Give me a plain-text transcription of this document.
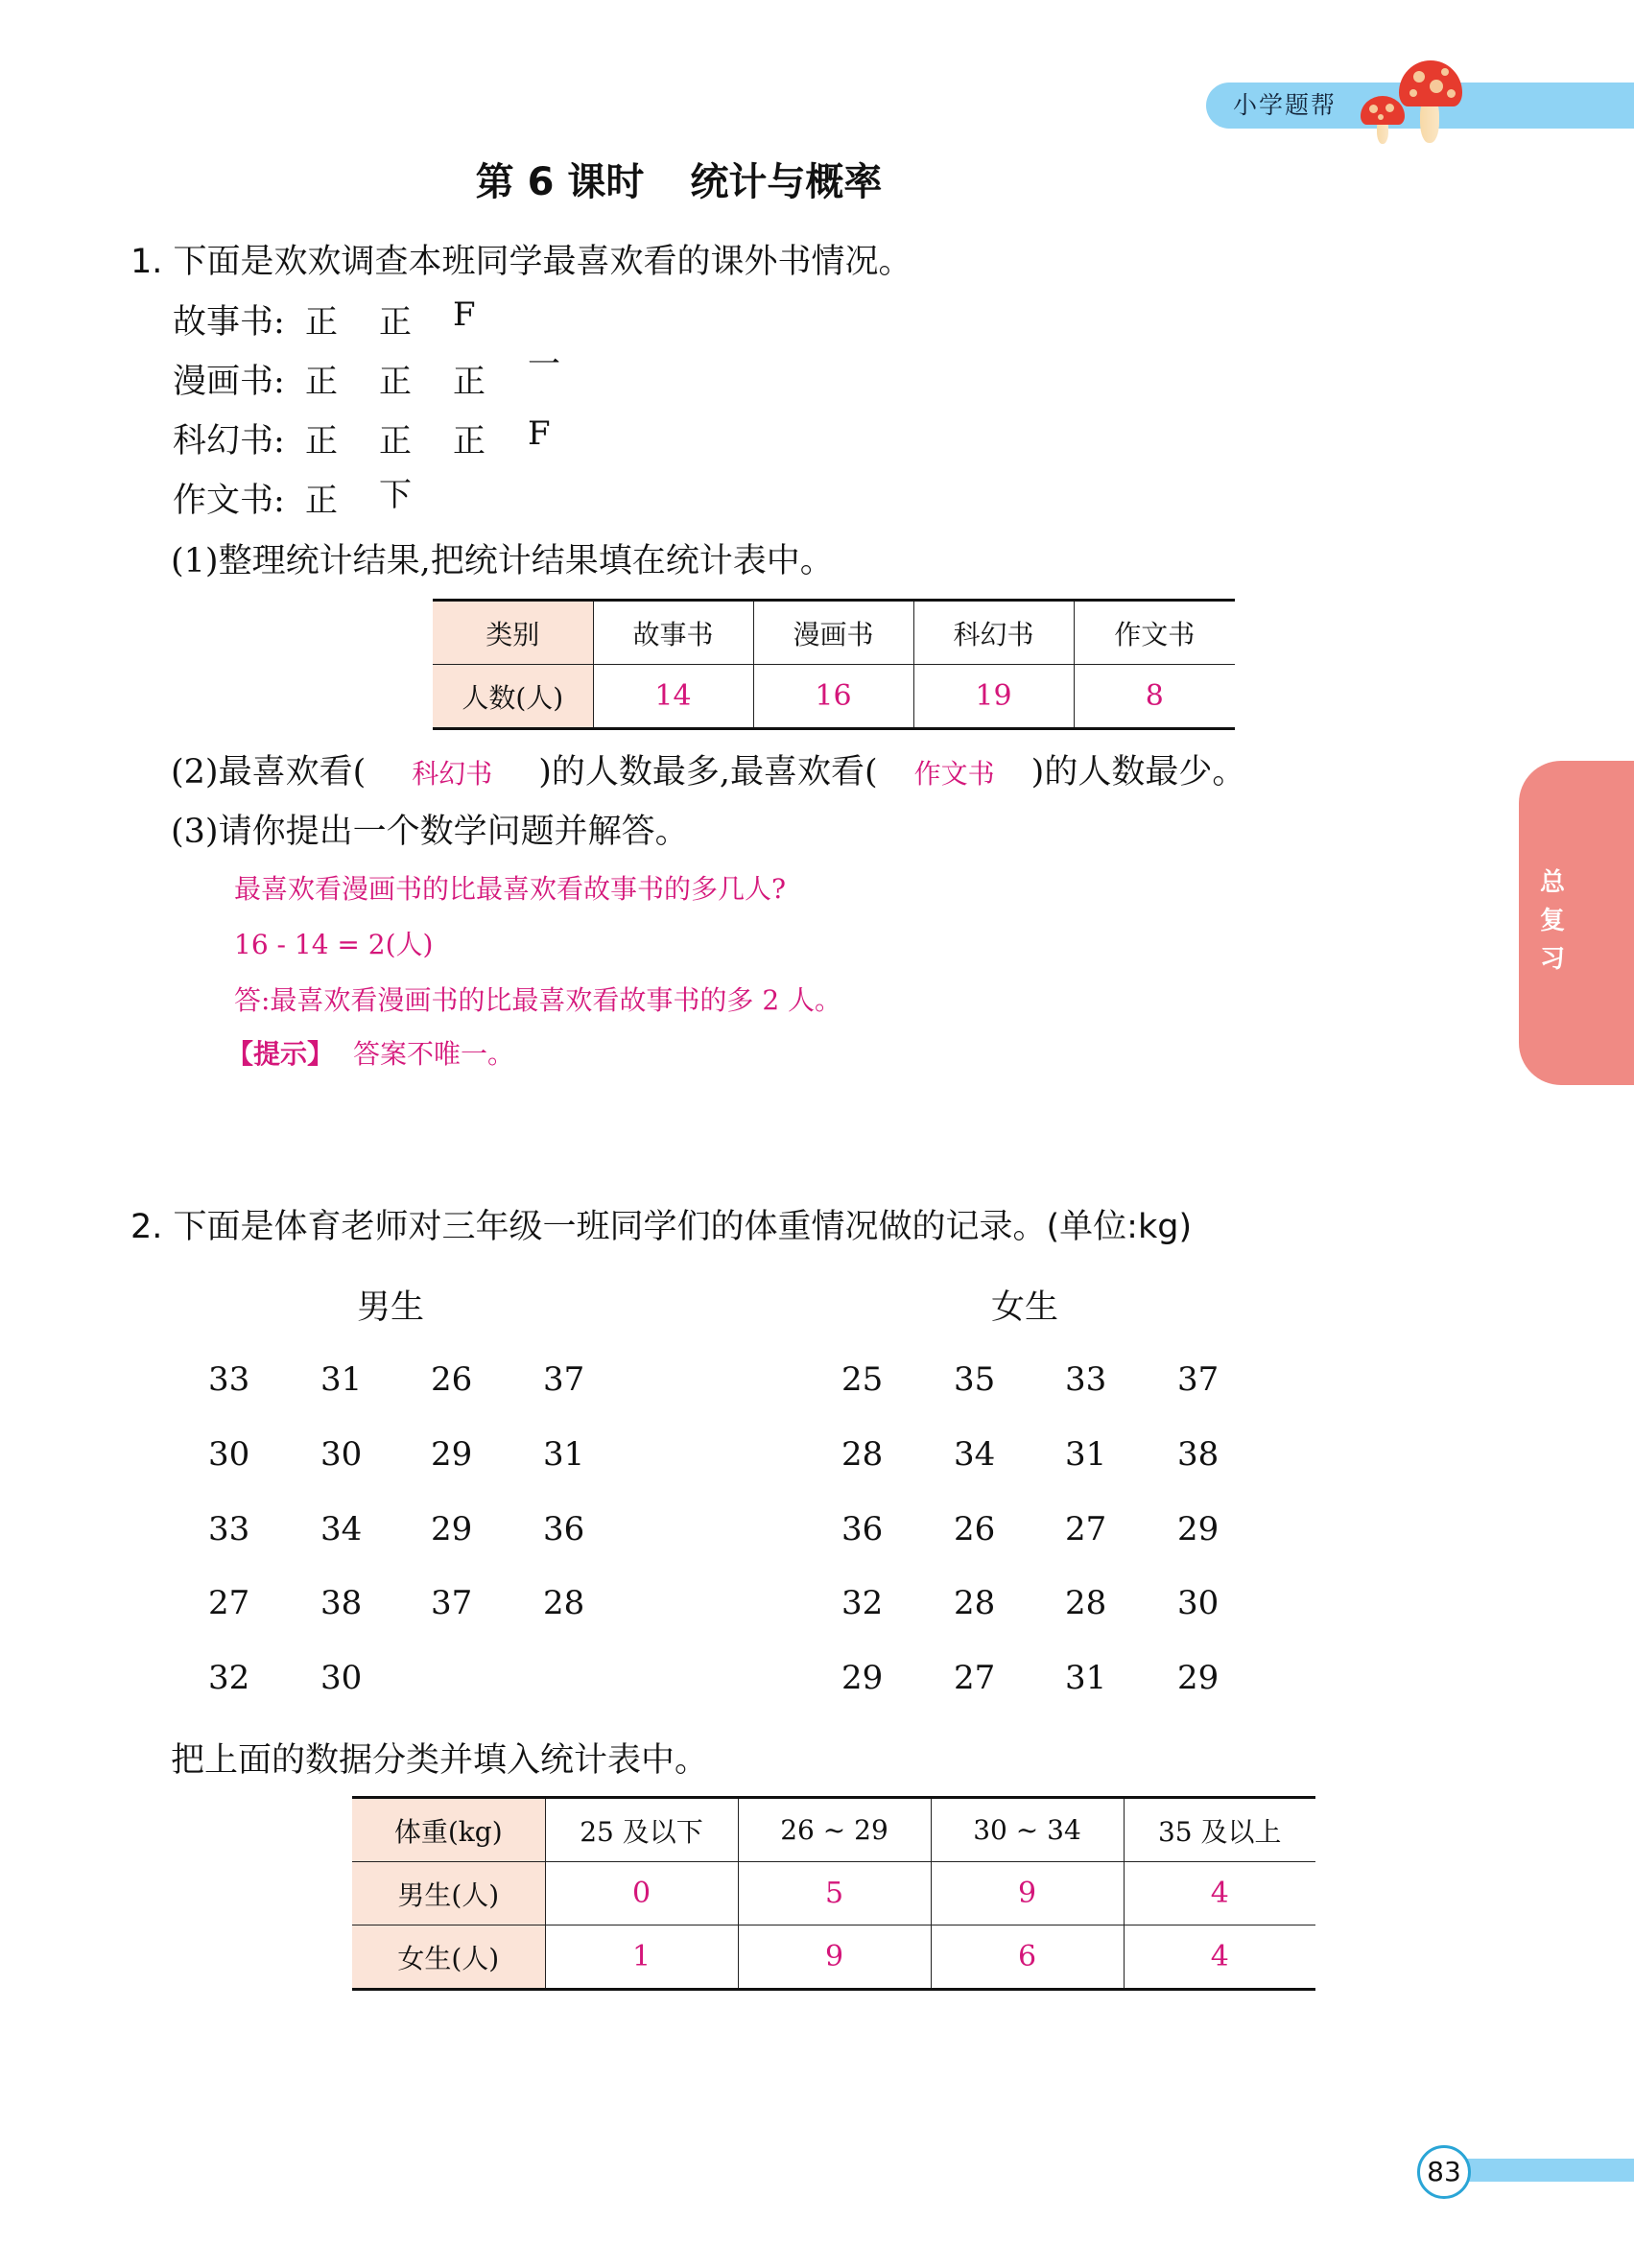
小学题帮
第 6 课时 统计与概率
1. 下面是欢欢调查本班同学最喜欢看的课外书情况。
故事书: 正 正 F
漫画书: 正 正 正 一
科幻书: 正 正 正 F
作文书: 正 下
(1)整理统计结果,把统计结果填在统计表中。
类别	故事书	漫画书	科幻书	作文书
人数(人)	14	16	19	8
(2)最喜欢看( 科幻书 )的人数最多,最喜欢看( 作文书 )的人数最少。
(3)请你提出一个数学问题并解答。
最喜欢看漫画书的比最喜欢看故事书的多几人?
16 - 14 = 2(人)
答:最喜欢看漫画书的比最喜欢看故事书的多 2 人。
【提示】 答案不唯一。
总复习
2. 下面是体育老师对三年级一班同学们的体重情况做的记录。(单位:kg)
男生	女生
33	31	26	37
30	30	29	31
33	34	29	36
27	38	37	28
32	30
25	35	33	37
28	34	31	38
36	26	27	29
32	28	28	30
29	27	31	29
把上面的数据分类并填入统计表中。
体重(kg)	25 及以下	26 ~ 29	30 ~ 34	35 及以上
男生(人)	0	5	9	4
女生(人)	1	9	6	4
83
